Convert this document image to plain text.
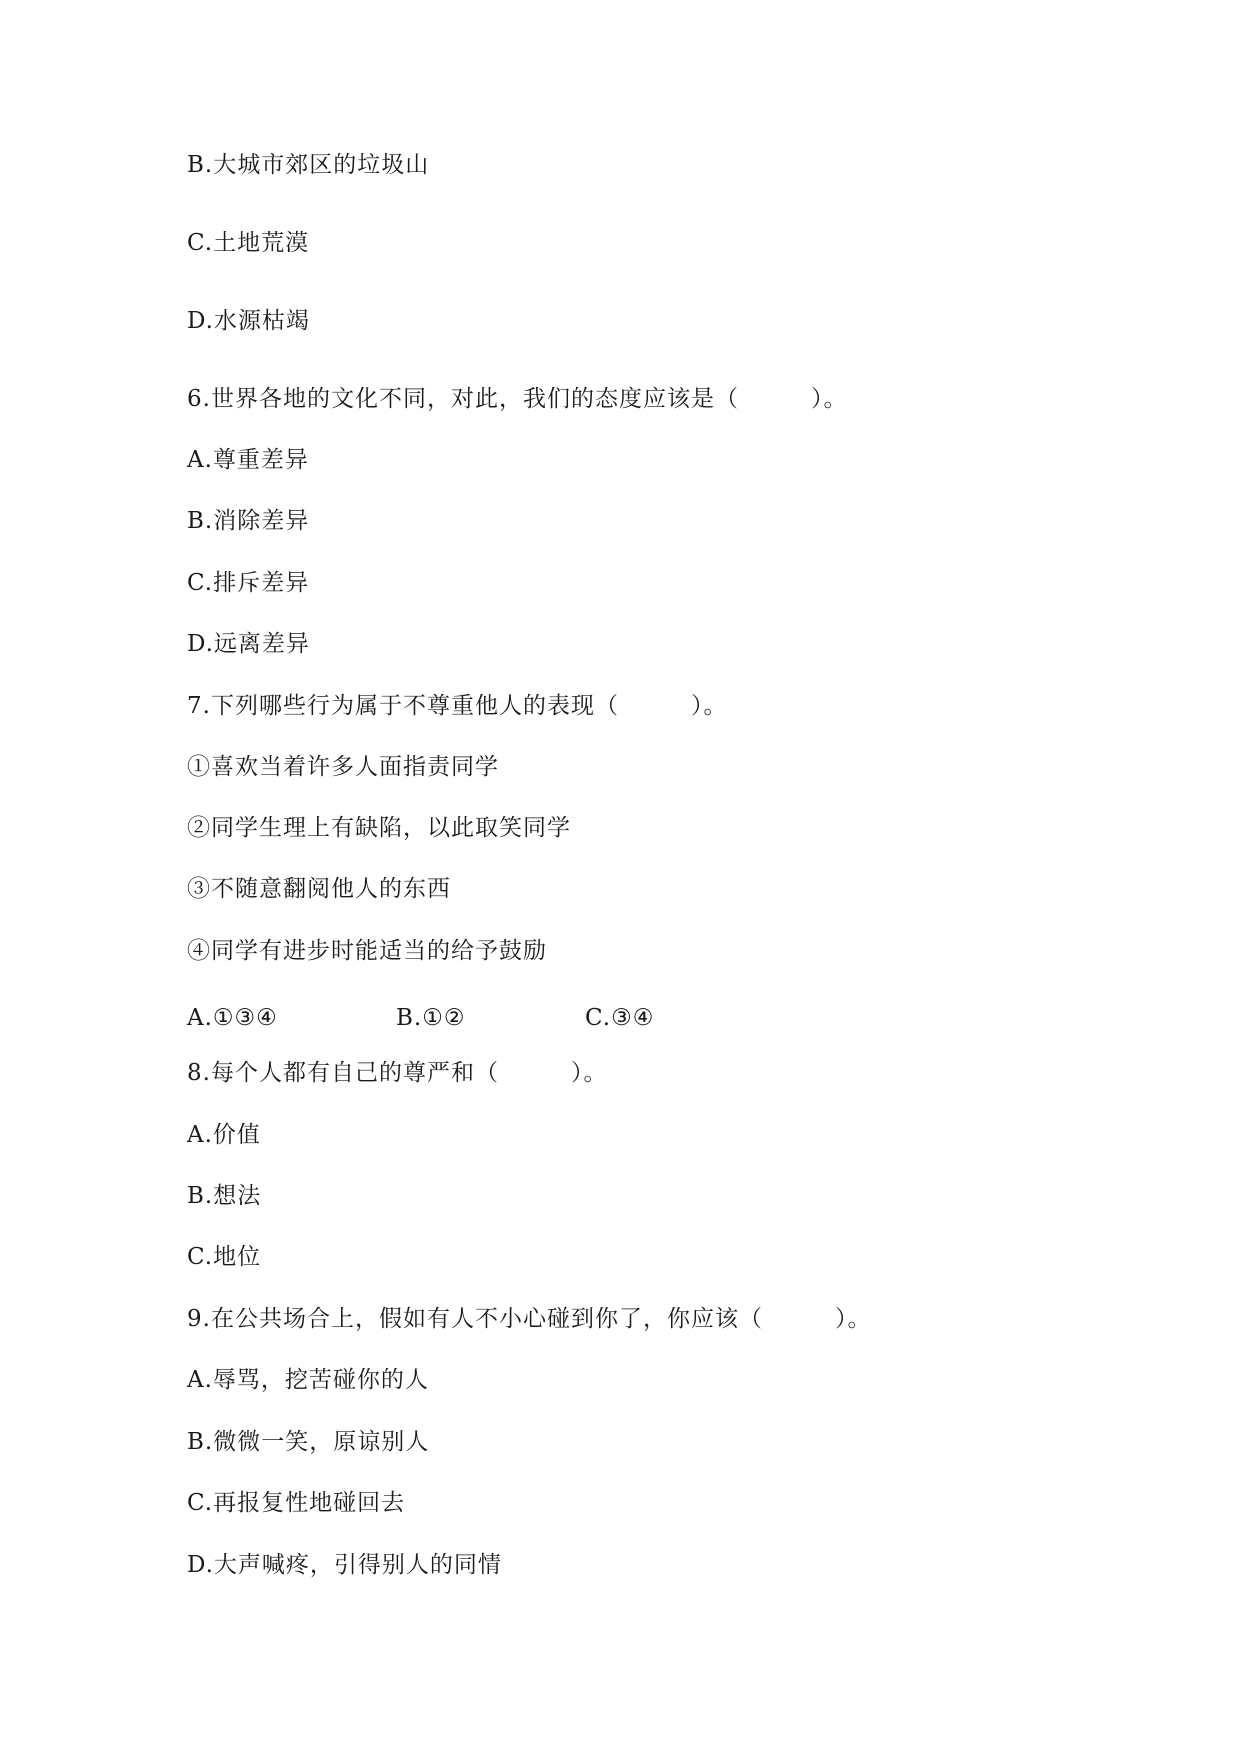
B.大城市郊区的垃圾山
C.土地荒漠
D.水源枯竭
6.世界各地的文化不同，对此，我们的态度应该是（　　　）。
A.尊重差异
B.消除差异
C.排斥差异
D.远离差异
7.下列哪些行为属于不尊重他人的表现（　　　）。
①喜欢当着许多人面指责同学
②同学生理上有缺陷，以此取笑同学
③不随意翻阅他人的东西
④同学有进步时能适当的给予鼓励
A.①③④	B.①②	C.③④
8.每个人都有自己的尊严和（　　　）。
A.价值
B.想法
C.地位
9.在公共场合上，假如有人不小心碰到你了，你应该（　　　）。
A.辱骂，挖苦碰你的人
B.微微一笑，原谅别人
C.再报复性地碰回去
D.大声喊疼，引得别人的同情
